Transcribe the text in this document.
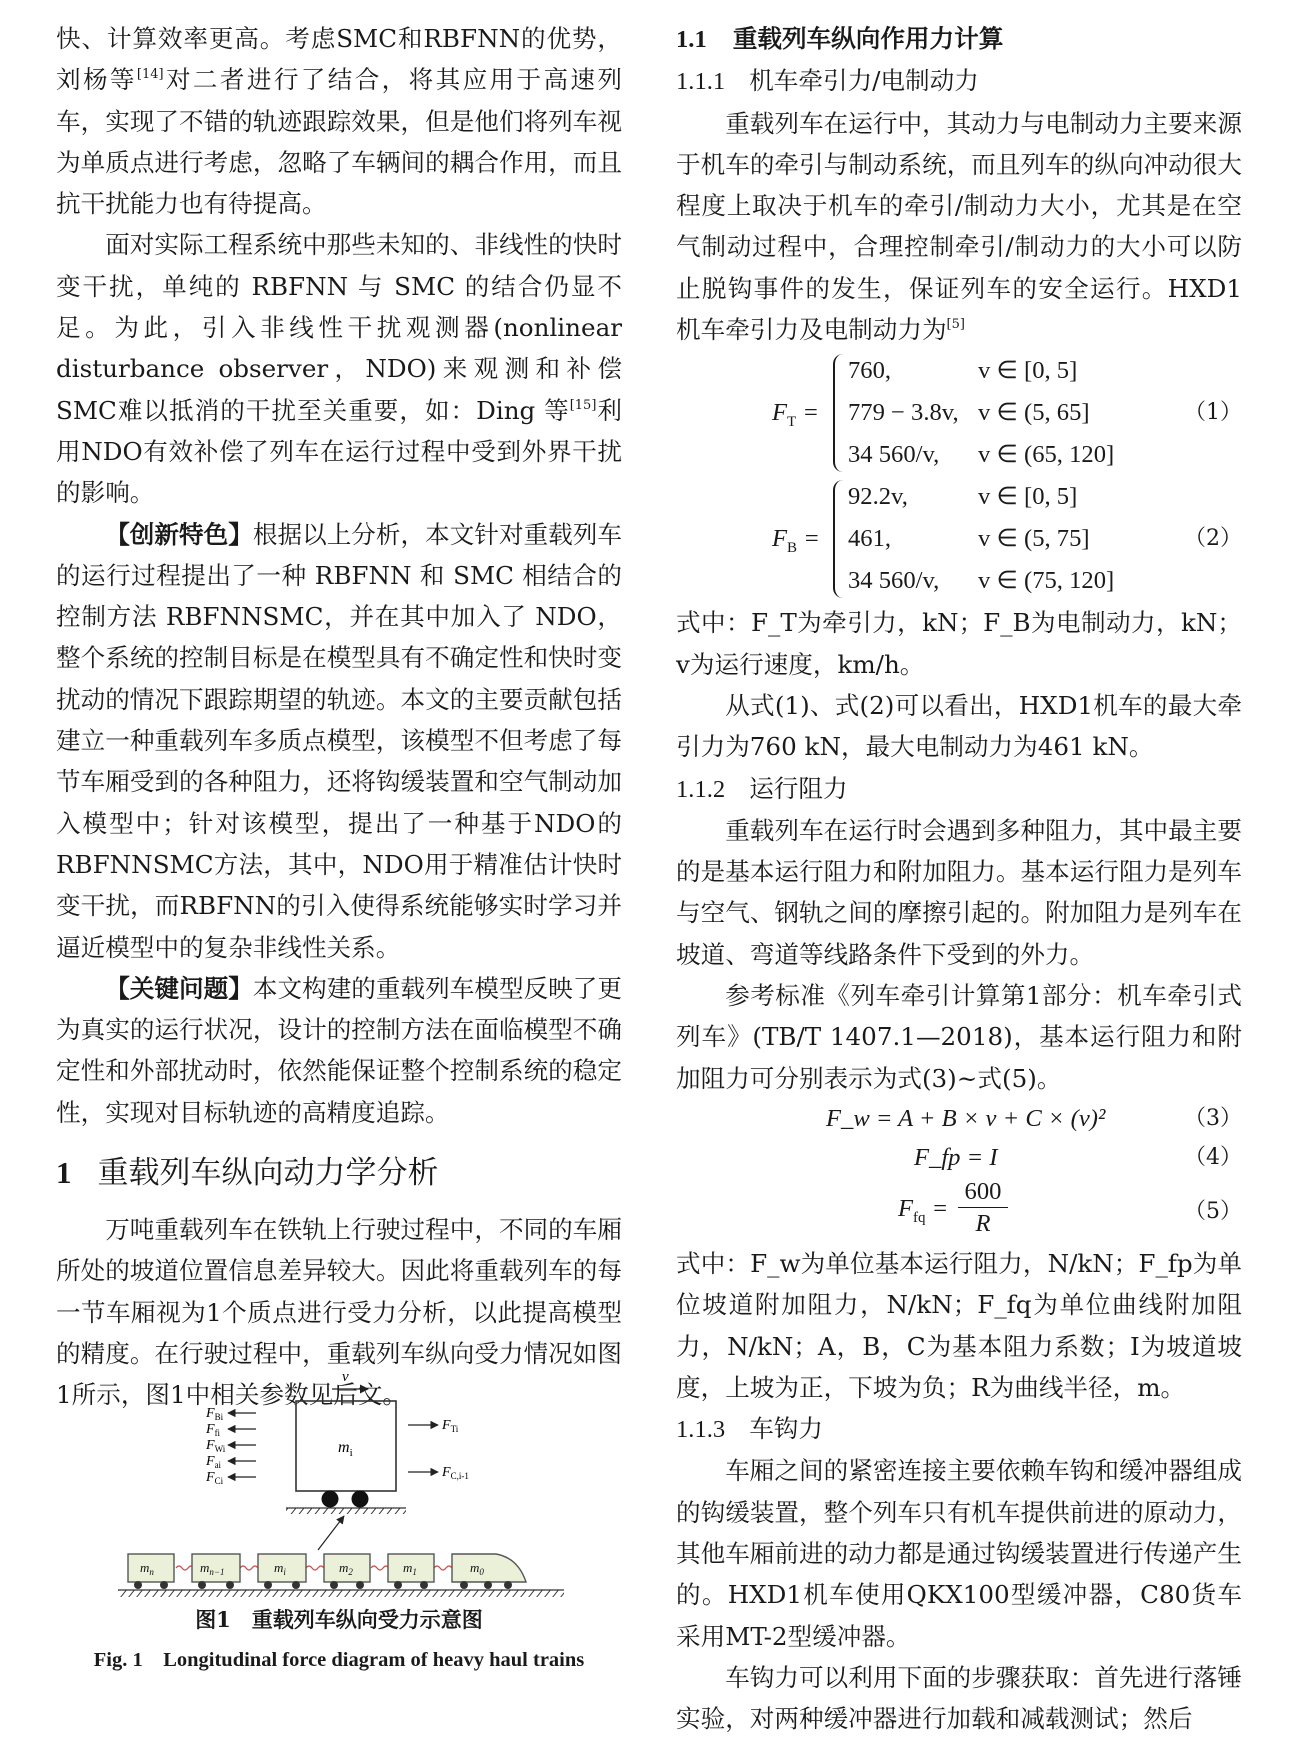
快、计算效率更高。考虑SMC和RBFNN的优势，刘杨等[14]对二者进行了结合，将其应用于高速列车，实现了不错的轨迹跟踪效果，但是他们将列车视为单质点进行考虑，忽略了车辆间的耦合作用，而且抗干扰能力也有待提高。

面对实际工程系统中那些未知的、非线性的快时变干扰，单纯的 RBFNN 与 SMC 的结合仍显不足。为此，引入非线性干扰观测器(nonlinear disturbance observer，NDO)来观测和补偿SMC难以抵消的干扰至关重要，如：Ding 等[15]利用NDO有效补偿了列车在运行过程中受到外界干扰的影响。

【创新特色】根据以上分析，本文针对重载列车的运行过程提出了一种 RBFNN 和 SMC 相结合的控制方法 RBFNNSMC，并在其中加入了 NDO，整个系统的控制目标是在模型具有不确定性和快时变扰动的情况下跟踪期望的轨迹。本文的主要贡献包括建立一种重载列车多质点模型，该模型不但考虑了每节车厢受到的各种阻力，还将钩缓装置和空气制动加入模型中；针对该模型，提出了一种基于NDO的RBFNNSMC方法，其中，NDO用于精准估计快时变干扰，而RBFNN的引入使得系统能够实时学习并逼近模型中的复杂非线性关系。

【关键问题】本文构建的重载列车模型反映了更为真实的运行状况，设计的控制方法在面临模型不确定性和外部扰动时，依然能保证整个控制系统的稳定性，实现对目标轨迹的高精度追踪。

1 重载列车纵向动力学分析

万吨重载列车在铁轨上行驶过程中，不同的车厢所处的坡道位置信息差异较大。因此将重载列车的每一节车厢视为1个质点进行受力分析，以此提高模型的精度。在行驶过程中，重载列车纵向受力情况如图1所示，图1中相关参数见后文。

v
$m_i$
$F_{Bi}$
$F_{fi}$
$F_{Wi}$
$F_{ai}$
$F_{Ci}$
$F_{Ti}$
$F_{C,i-1}$
$m_n$	$m_{n-1}$	$m_i$	$m_2$	$m_1$	$m_0$
图1　重载列车纵向受力示意图
Fig. 1　Longitudinal force diagram of heavy haul trains
1.1 重载列车纵向作用力计算
1.1.1 机车牵引力/电制动力

重载列车在运行中，其动力与电制动力主要来源于机车的牵引与制动系统，而且列车的纵向冲动很大程度上取决于机车的牵引/制动力大小，尤其是在空气制动过程中，合理控制牵引/制动力的大小可以防止脱钩事件的发生，保证列车的安全运行。HXD1机车牵引力及电制动力为[5]

$F_T$ =
760,	v ∈ [0, 5]
779 − 3.8v, v ∈ (5, 65]
34 560/v, v ∈ (65, 120]
（1）
$F_B$ =
92.2v,	v ∈ [0, 5]
461,	v ∈ (5, 75]
34 560/v, v ∈ (75, 120]
（2）

式中：F_T为牵引力，kN；F_B为电制动力，kN；v为运行速度，km/h。

从式(1)、式(2)可以看出，HXD1机车的最大牵引力为760 kN，最大电制动力为461 kN。

1.1.2 运行阻力

重载列车在运行时会遇到多种阻力，其中最主要的是基本运行阻力和附加阻力。基本运行阻力是列车与空气、钢轨之间的摩擦引起的。附加阻力是列车在坡道、弯道等线路条件下受到的外力。

参考标准《列车牵引计算第1部分：机车牵引式列车》(TB/T 1407.1—2018)，基本运行阻力和附加阻力可分别表示为式(3)~式(5)。

F_w = A + B × v + C × (v)²	（3）
F_fp = I	（4）
$F_{fq} = \frac{600}{R}$	（5）

式中：F_w为单位基本运行阻力，N/kN；F_fp为单位坡道附加阻力，N/kN；F_fq为单位曲线附加阻力，N/kN；A，B，C为基本阻力系数；I为坡道坡度，上坡为正，下坡为负；R为曲线半径，m。

1.1.3 车钩力

车厢之间的紧密连接主要依赖车钩和缓冲器组成的钩缓装置，整个列车只有机车提供前进的原动力，其他车厢前进的动力都是通过钩缓装置进行传递产生的。HXD1机车使用QKX100型缓冲器，C80货车采用MT-2型缓冲器。

车钩力可以利用下面的步骤获取：首先进行落锤实验，对两种缓冲器进行加载和减载测试；然后
